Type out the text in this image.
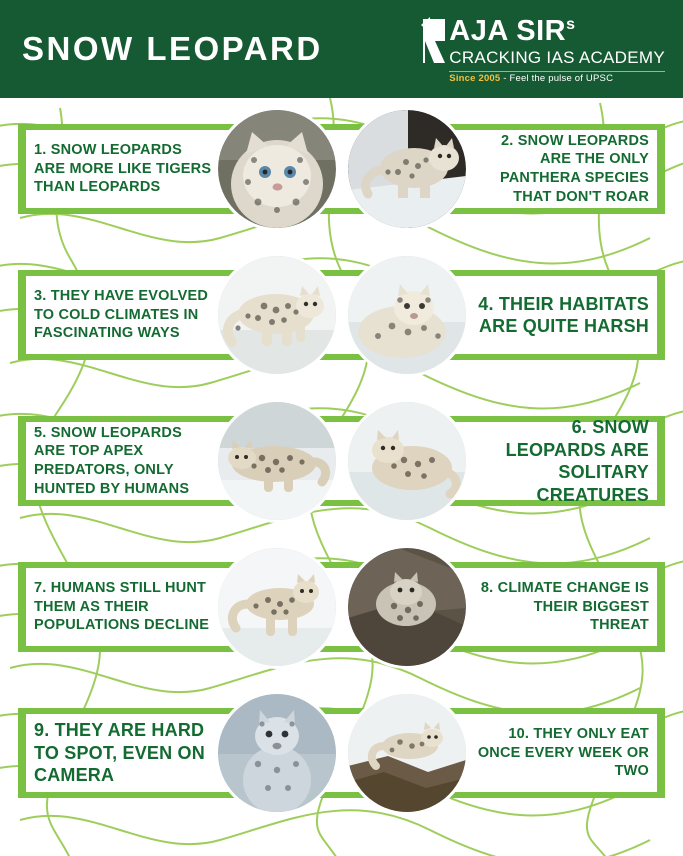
SNOW LEOPARD	AJA SIR$^s$
CRACKING IAS ACADEMY
Since 2005 - Feel the pulse of UPSC
1. SNOW LEOPARDS ARE MORE LIKE TIGERS THAN LEOPARDS
2. SNOW LEOPARDS ARE THE ONLY PANTHERA SPECIES THAT DON'T ROAR
3. THEY HAVE EVOLVED TO COLD CLIMATES IN FASCINATING WAYS
4. THEIR HABITATS ARE QUITE HARSH
5. SNOW LEOPARDS ARE TOP APEX PREDATORS, ONLY HUNTED BY HUMANS
6. SNOW LEOPARDS ARE SOLITARY CREATURES
7. HUMANS STILL HUNT THEM AS THEIR POPULATIONS DECLINE
8. CLIMATE CHANGE IS THEIR BIGGEST THREAT
9. THEY ARE HARD TO SPOT, EVEN ON CAMERA
10. THEY ONLY EAT ONCE EVERY WEEK OR TWO
